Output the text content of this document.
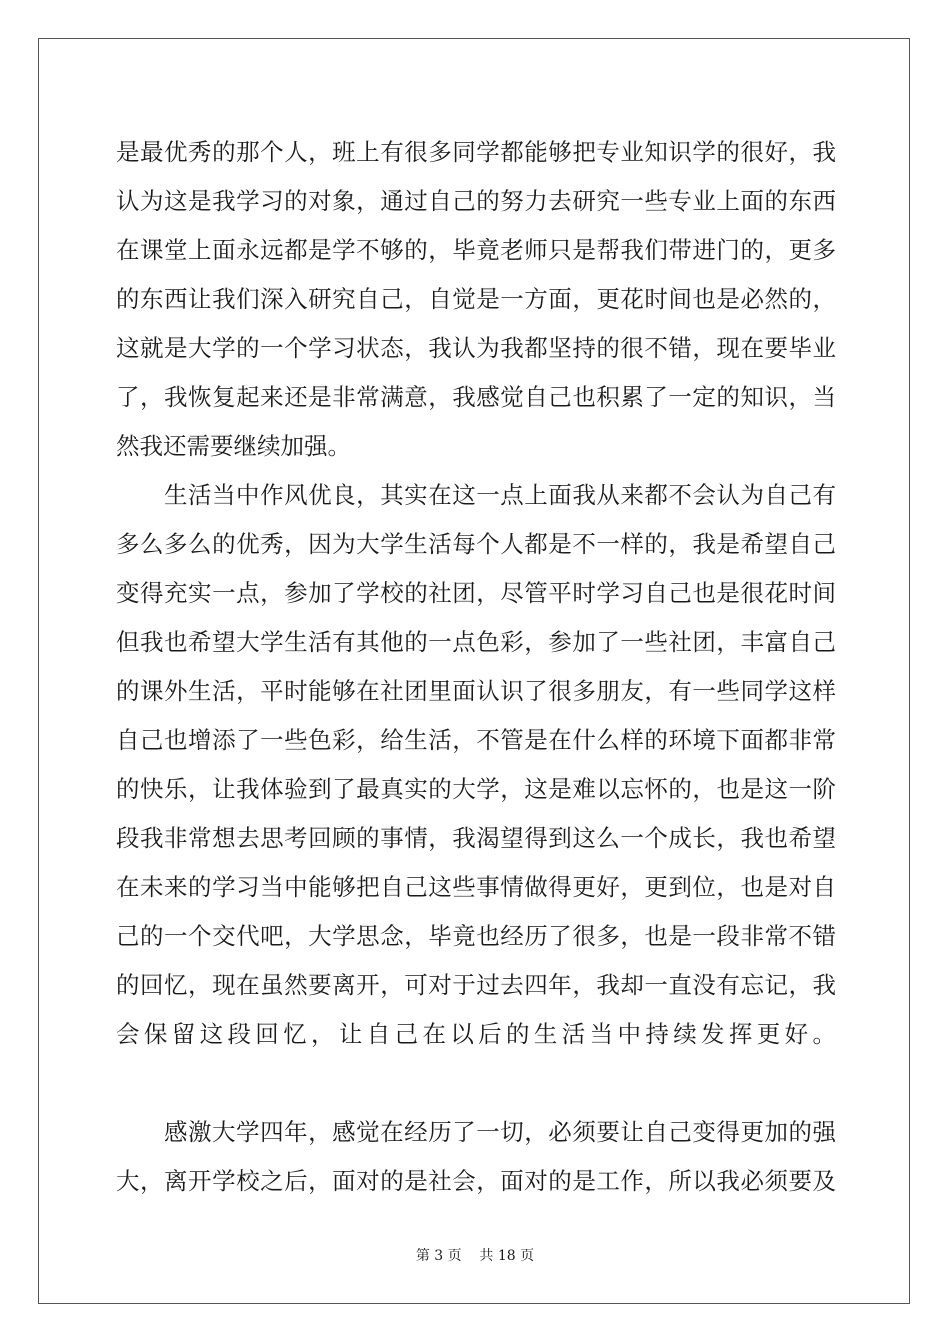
是最优秀的那个人，班上有很多同学都能够把专业知识学的很好，我
认为这是我学习的对象，通过自己的努力去研究一些专业上面的东西
在课堂上面永远都是学不够的，毕竟老师只是帮我们带进门的，更多
的东西让我们深入研究自己，自觉是一方面，更花时间也是必然的，
这就是大学的一个学习状态，我认为我都坚持的很不错，现在要毕业
了，我恢复起来还是非常满意，我感觉自己也积累了一定的知识，当
然我还需要继续加强。
生活当中作风优良，其实在这一点上面我从来都不会认为自己有
多么多么的优秀，因为大学生活每个人都是不一样的，我是希望自己
变得充实一点，参加了学校的社团，尽管平时学习自己也是很花时间
但我也希望大学生活有其他的一点色彩，参加了一些社团，丰富自己
的课外生活，平时能够在社团里面认识了很多朋友，有一些同学这样
自己也增添了一些色彩，给生活，不管是在什么样的环境下面都非常
的快乐，让我体验到了最真实的大学，这是难以忘怀的，也是这一阶
段我非常想去思考回顾的事情，我渴望得到这么一个成长，我也希望
在未来的学习当中能够把自己这些事情做得更好，更到位，也是对自
己的一个交代吧，大学思念，毕竟也经历了很多，也是一段非常不错
的回忆，现在虽然要离开，可对于过去四年，我却一直没有忘记，我
会保留这段回忆，让自己在以后的生活当中持续发挥更好。
感激大学四年，感觉在经历了一切，必须要让自己变得更加的强
大，离开学校之后，面对的是社会，面对的是工作，所以我必须要及
第 3 页    共 18 页
